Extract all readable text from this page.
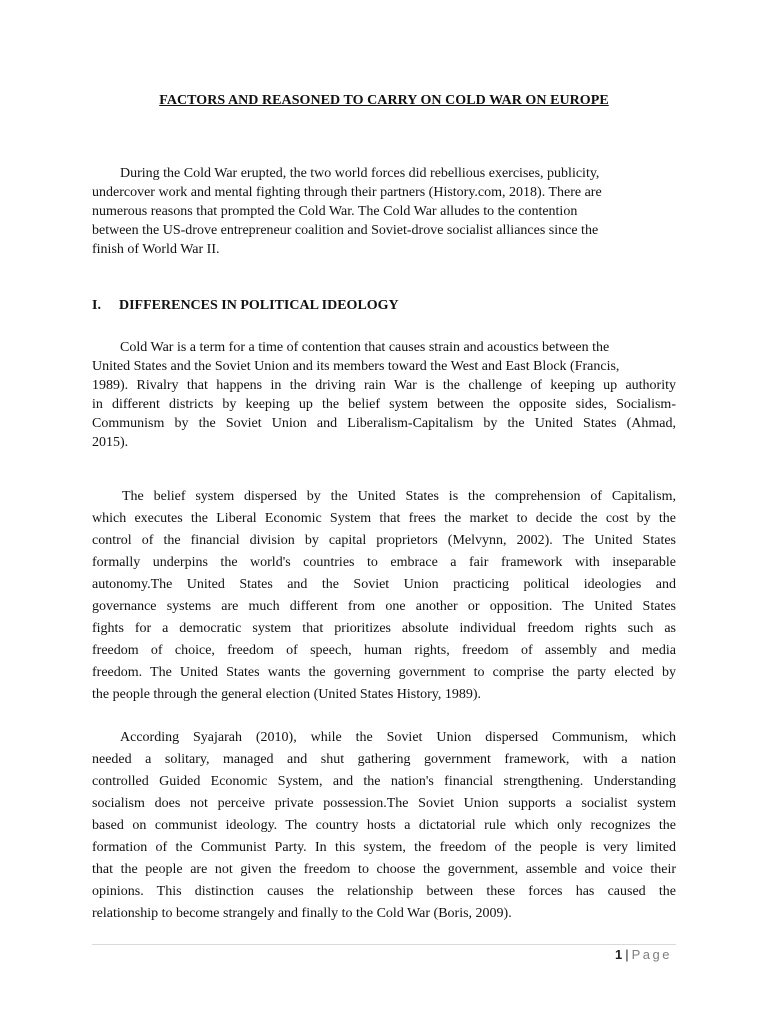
FACTORS AND REASONED TO CARRY ON COLD WAR ON EUROPE
During the Cold War erupted, the two world forces did rebellious exercises, publicity,
undercover work and mental fighting through their partners (History.com, 2018). There are
numerous reasons that prompted the Cold War. The Cold War alludes to the contention
between the US-drove entrepreneur coalition and Soviet-drove socialist alliances since the
finish of World War II.
I. DIFFERENCES IN POLITICAL IDEOLOGY
Cold War is a term for a time of contention that causes strain and acoustics between the
United States and the Soviet Union and its members toward the West and East Block (Francis,
1989). Rivalry that happens in the driving rain War is the challenge of keeping up authority
in different districts by keeping up the belief system between the opposite sides, Socialism-
Communism by the Soviet Union and Liberalism-Capitalism by the United States (Ahmad,
2015).
The belief system dispersed by the United States is the comprehension of Capitalism,
which executes the Liberal Economic System that frees the market to decide the cost by the
control of the financial division by capital proprietors (Melvynn, 2002). The United States
formally underpins the world's countries to embrace a fair framework with inseparable
autonomy.The United States and the Soviet Union practicing political ideologies and
governance systems are much different from one another or opposition. The United States
fights for a democratic system that prioritizes absolute individual freedom rights such as
freedom of choice, freedom of speech, human rights, freedom of assembly and media
freedom. The United States wants the governing government to comprise the party elected by
the people through the general election (United States History, 1989).
According Syajarah (2010), while the Soviet Union dispersed Communism, which
needed a solitary, managed and shut gathering government framework, with a nation
controlled Guided Economic System, and the nation's financial strengthening. Understanding
socialism does not perceive private possession.The Soviet Union supports a socialist system
based on communist ideology. The country hosts a dictatorial rule which only recognizes the
formation of the Communist Party. In this system, the freedom of the people is very limited
that the people are not given the freedom to choose the government, assemble and voice their
opinions. This distinction causes the relationship between these forces has caused the
relationship to become strangely and finally to the Cold War (Boris, 2009).
1 | Page
